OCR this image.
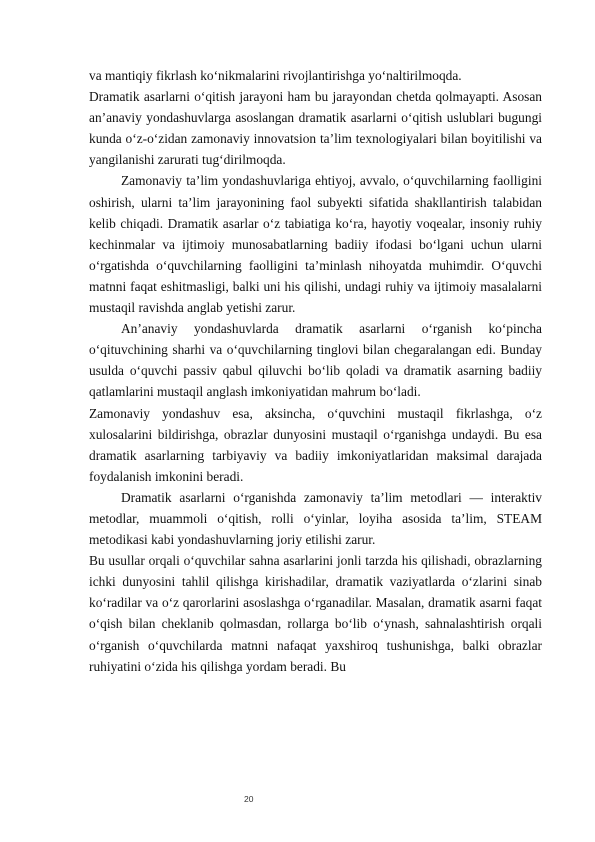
va mantiqiy fikrlash ko‘nikmalarini rivojlantirishga yo‘naltirilmoqda.

Dramatik asarlarni o‘qitish jarayoni ham bu jarayondan chetda qolmayapti. Asosan an’anaviy yondashuvlarga asoslangan dramatik asarlarni o‘qitish uslublari bugungi kunda o‘z-o‘zidan zamonaviy innovatsion ta’lim texnologiyalari bilan boyitilishi va yangilanishi zarurati tug‘dirilmoqda.

Zamonaviy ta’lim yondashuvlariga ehtiyoj, avvalo, o‘quvchilarning faolligini oshirish, ularni ta’lim jarayonining faol subyekti sifatida shakllantirish talabidan kelib chiqadi. Dramatik asarlar o‘z tabiatiga ko‘ra, hayotiy voqealar, insoniy ruhiy kechinmalar va ijtimoiy munosabatlarning badiiy ifodasi bo‘lgani uchun ularni o‘rgatishda o‘quvchilarning faolligini ta’minlash nihoyatda muhimdir. O‘quvchi matnni faqat eshitmasligi, balki uni his qilishi, undagi ruhiy va ijtimoiy masalalarni mustaqil ravishda anglab yetishi zarur.

An’anaviy yondashuvlarda dramatik asarlarni o‘rganish ko‘pincha o‘qituvchining sharhi va o‘quvchilarning tinglovi bilan chegaralangan edi. Bunday usulda o‘quvchi passiv qabul qiluvchi bo‘lib qoladi va dramatik asarning badiiy qatlamlarini mustaqil anglash imkoniyatidan mahrum bo‘ladi.

Zamonaviy yondashuv esa, aksincha, o‘quvchini mustaqil fikrlashga, o‘z xulosalarini bildirishga, obrazlar dunyosini mustaqil o‘rganishga undaydi. Bu esa dramatik asarlarning tarbiyaviy va badiiy imkoniyatlaridan maksimal darajada foydalanish imkonini beradi.

Dramatik asarlarni o‘rganishda zamonaviy ta’lim metodlari — interaktiv metodlar, muammoli o‘qitish, rolli o‘yinlar, loyiha asosida ta’lim, STEAM metodikasi kabi yondashuvlarning joriy etilishi zarur.

Bu usullar orqali o‘quvchilar sahna asarlarini jonli tarzda his qilishadi, obrazlarning ichki dunyosini tahlil qilishga kirishadilar, dramatik vaziyatlarda o‘zlarini sinab ko‘radilar va o‘z qarorlarini asoslashga o‘rganadilar. Masalan, dramatik asarni faqat o‘qish bilan cheklanib qolmasdan, rollarga bo‘lib o‘ynash, sahnalashtirish orqali o‘rganish o‘quvchilarda matnni nafaqat yaxshiroq tushunishga, balki obrazlar ruhiyatini o‘zida his qilishga yordam beradi. Bu

20
